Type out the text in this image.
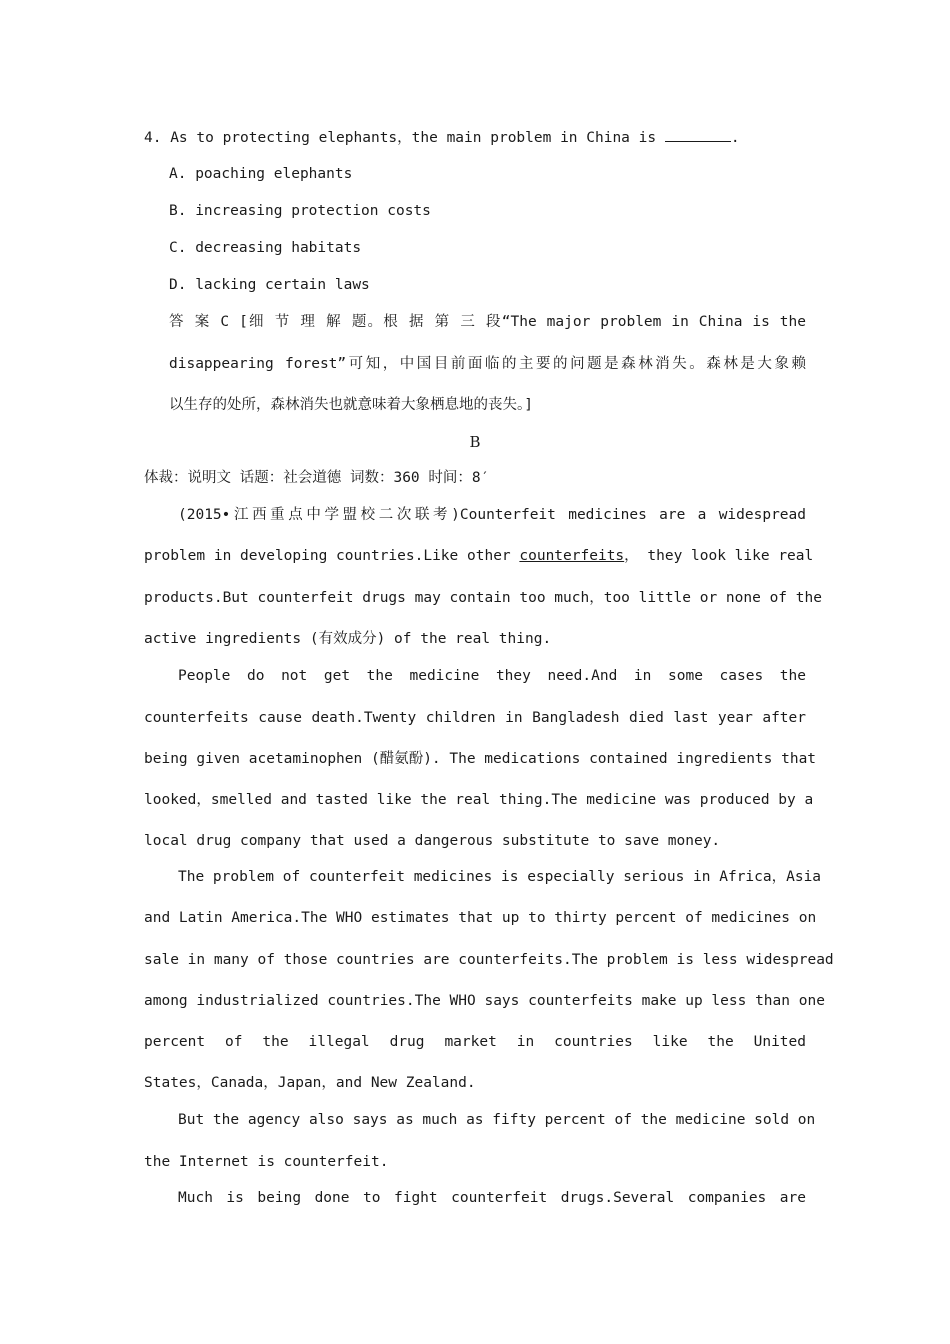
4. As to protecting elephants，the main problem in China is	.
A. poaching elephants
B. increasing protection costs
C. decreasing habitats
D. lacking certain laws
答 案 C [细 节 理 解 题。根 据 第 三 段“The major problem in China is the
disappearing forest”可知，中国目前面临的主要的问题是森林消失。森林是大象赖
以生存的处所，森林消失也就意味着大象栖息地的丧失。]
B
体裁：说明文 话题：社会道德 词数：360 时间：8′
(2015•江西重点中学盟校二次联考)Counterfeit medicines are a widespread
problem in developing countries.Like other counterfeits， they look like real
products.But counterfeit drugs may contain too much，too little or none of the
active ingredients (有效成分) of the real thing.
People do not get the medicine they need.And in some cases the
counterfeits cause death.Twenty children in Bangladesh died last year after
being given acetaminophen (醋氨酚). The medications contained ingredients that
looked，smelled and tasted like the real thing.The medicine was produced by a
local drug company that used a dangerous substitute to save money.
The problem of counterfeit medicines is especially serious in Africa，Asia
and Latin America.The WHO estimates that up to thirty percent of medicines on
sale in many of those countries are counterfeits.The problem is less widespread
among industrialized countries.The WHO says counterfeits make up less than one
percent of the illegal drug market in countries like the United
States，Canada，Japan，and New Zealand.
But the agency also says as much as fifty percent of the medicine sold on
the Internet is counterfeit.
Much is being done to fight counterfeit drugs.Several companies are
